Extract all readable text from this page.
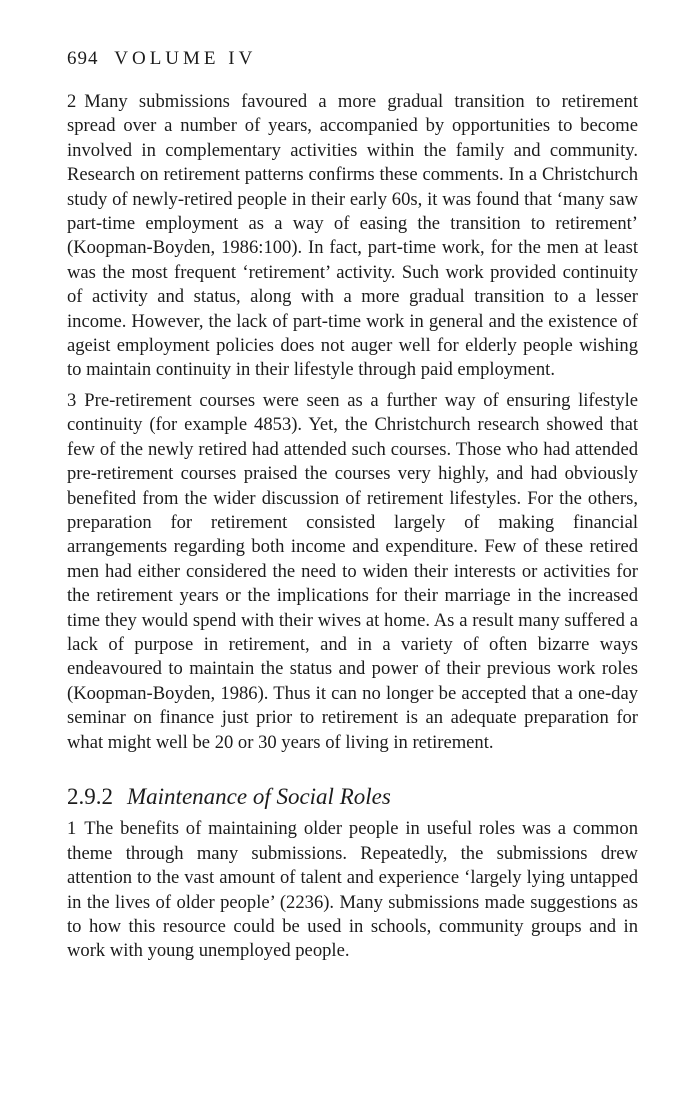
694 VOLUME IV

2 Many submissions favoured a more gradual transition to retirement spread over a number of years, accompanied by opportunities to become involved in complementary activities within the family and community. Research on retirement patterns confirms these comments. In a Christchurch study of newly-retired people in their early 60s, it was found that ‘many saw part-time employment as a way of easing the transition to retirement’ (Koopman-Boyden, 1986:100). In fact, part-time work, for the men at least was the most frequent ‘retirement’ activity. Such work provided continuity of activity and status, along with a more gradual transition to a lesser income. However, the lack of part-time work in general and the existence of ageist employment policies does not auger well for elderly people wishing to maintain continuity in their lifestyle through paid employment.

3 Pre-retirement courses were seen as a further way of ensuring lifestyle continuity (for example 4853). Yet, the Christchurch research showed that few of the newly retired had attended such courses. Those who had attended pre-retirement courses praised the courses very highly, and had obviously benefited from the wider discussion of retirement lifestyles. For the others, preparation for retirement consisted largely of making financial arrangements regarding both income and expenditure. Few of these retired men had either considered the need to widen their interests or activities for the retirement years or the implications for their marriage in the increased time they would spend with their wives at home. As a result many suffered a lack of purpose in retirement, and in a variety of often bizarre ways endeavoured to maintain the status and power of their previous work roles (Koopman-Boyden, 1986). Thus it can no longer be accepted that a one-day seminar on finance just prior to retirement is an adequate preparation for what might well be 20 or 30 years of living in retirement.

2.9.2 Maintenance of Social Roles

1 The benefits of maintaining older people in useful roles was a common theme through many submissions. Repeatedly, the submissions drew attention to the vast amount of talent and experience ‘largely lying untapped in the lives of older people’ (2236). Many submissions made suggestions as to how this resource could be used in schools, community groups and in work with young unemployed people.
